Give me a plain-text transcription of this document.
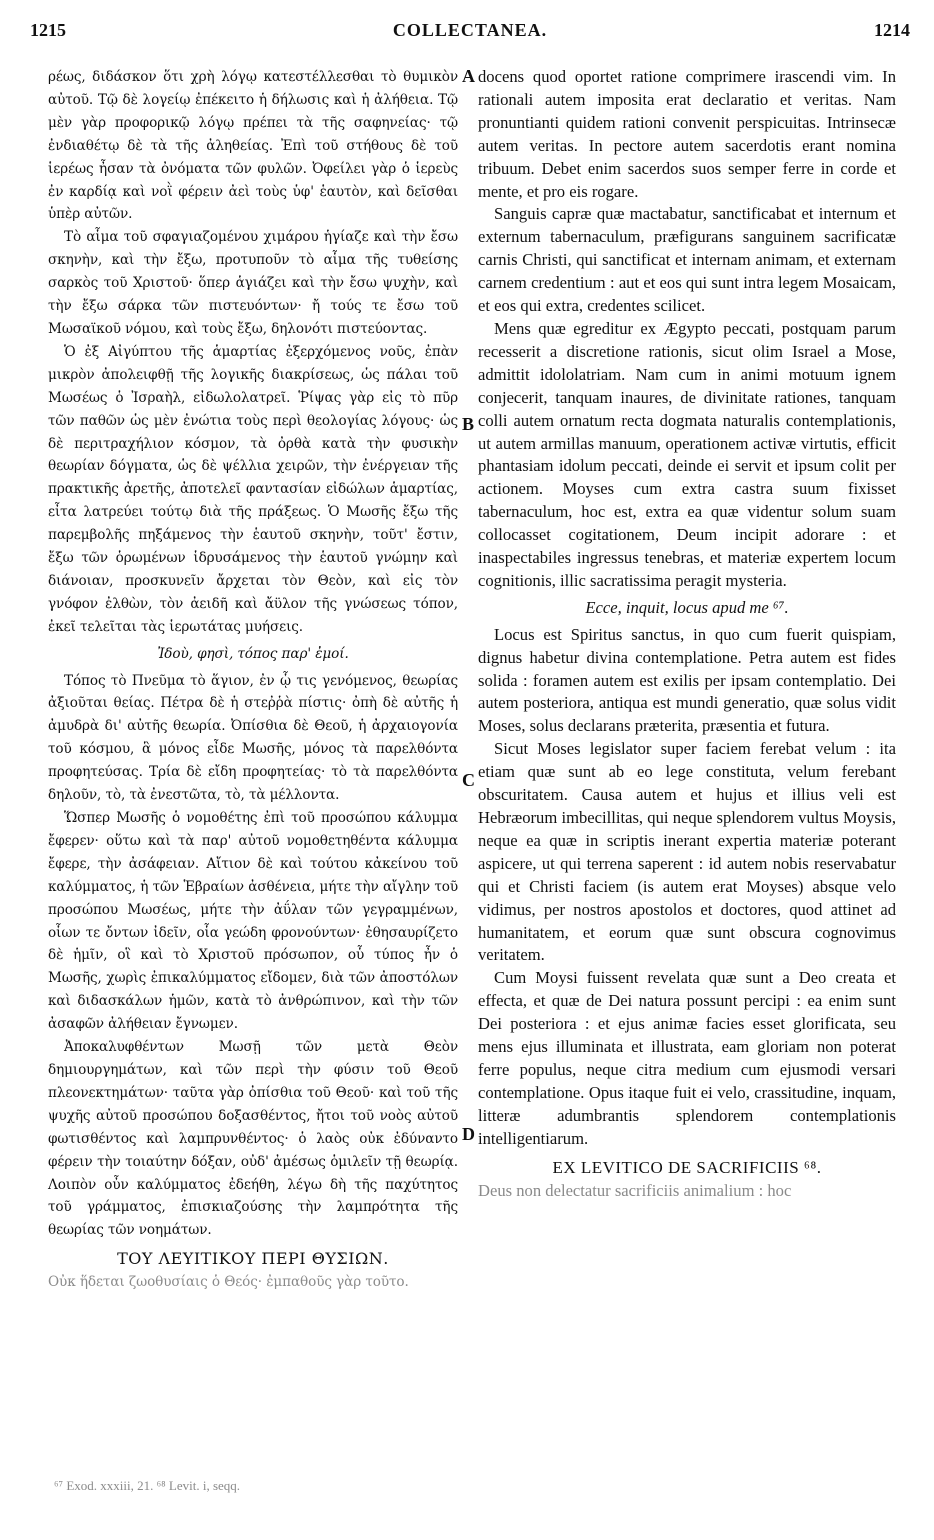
1215	COLLECTANEA.	1214
A
B
C
D

ρέως, διδάσκον ὅτι χρὴ λόγῳ κατεστέλλεσθαι τὸ θυμικὸν αὐτοῦ. Τῷ δὲ λογείῳ ἐπέκειτο ἡ δήλωσις καὶ ἡ ἀλήθεια. Τῷ μὲν γὰρ προφορικῷ λόγῳ πρέπει τὰ τῆς σαφηνείας· τῷ ἐνδιαθέτῳ δὲ τὰ τῆς ἀληθείας. Ἐπὶ τοῦ στήθους δὲ τοῦ ἱερέως ἦσαν τὰ ὀνόματα τῶν φυλῶν. Ὀφείλει γὰρ ὁ ἱερεὺς ἐν καρδίᾳ καὶ νοῒ φέρειν ἀεὶ τοὺς ὑφ' ἑαυτὸν, καὶ δεῖσθαι ὑπὲρ αὐτῶν.

Τὸ αἷμα τοῦ σφαγιαζομένου χιμάρου ἡγίαζε καὶ τὴν ἔσω σκηνὴν, καὶ τὴν ἔξω, προτυποῦν τὸ αἷμα τῆς τυθείσης σαρκὸς τοῦ Χριστοῦ· ὅπερ ἁγιάζει καὶ τὴν ἔσω ψυχὴν, καὶ τὴν ἔξω σάρκα τῶν πιστευόντων· ἤ τούς τε ἔσω τοῦ Μωσαϊκοῦ νόμου, καὶ τοὺς ἔξω, δηλονότι πιστεύοντας.

Ὁ ἐξ Αἰγύπτου τῆς ἁμαρτίας ἐξερχόμενος νοῦς, ἐπὰν μικρὸν ἀπολειφθῇ τῆς λογικῆς διακρίσεως, ὡς πάλαι τοῦ Μωσέως ὁ Ἰσραὴλ, εἰδωλολατρεῖ. Ῥίψας γὰρ εἰς τὸ πῦρ τῶν παθῶν ὡς μὲν ἐνώτια τοὺς περὶ θεολογίας λόγους· ὡς δὲ περιτραχήλιον κόσμον, τὰ ὀρθὰ κατὰ τὴν φυσικὴν θεωρίαν δόγματα, ὡς δὲ ψέλλια χειρῶν, τὴν ἐνέργειαν τῆς πρακτικῆς ἀρετῆς, ἀποτελεῖ φαντασίαν εἰδώλων ἁμαρτίας, εἶτα λατρεύει τούτῳ διὰ τῆς πράξεως. Ὁ Μωσῆς ἔξω τῆς παρεμβολῆς πηξάμενος τὴν ἑαυτοῦ σκηνὴν, τοῦτ' ἔστιν, ἔξω τῶν ὁρωμένων ἱδρυσάμενος τὴν ἑαυτοῦ γνώμην καὶ διάνοιαν, προσκυνεῖν ἄρχεται τὸν Θεὸν, καὶ εἰς τὸν γνόφον ἐλθὼν, τὸν ἀειδῆ καὶ ἄϋλον τῆς γνώσεως τόπον, ἐκεῖ τελεῖται τὰς ἱερωτάτας μυήσεις.

Ἰδοὺ, φησὶ, τόπος παρ' ἐμοί.

Τόπος τὸ Πνεῦμα τὸ ἅγιον, ἐν ᾧ τις γενόμενος, θεωρίας ἀξιοῦται θείας. Πέτρα δὲ ἡ στεῤῥὰ πίστις· ὀπὴ δὲ αὐτῆς ἡ ἀμυδρὰ δι' αὐτῆς θεωρία. Ὀπίσθια δὲ Θεοῦ, ἡ ἀρχαιογονία τοῦ κόσμου, ἃ μόνος εἶδε Μωσῆς, μόνος τὰ παρελθόντα προφητεύσας. Τρία δὲ εἴδη προφητείας· τὸ τὰ παρελθόντα δηλοῦν, τὸ, τὰ ἐνεστῶτα, τὸ, τὰ μέλλοντα.

Ὥσπερ Μωσῆς ὁ νομοθέτης ἐπὶ τοῦ προσώπου κάλυμμα ἔφερεν· οὕτω καὶ τὰ παρ' αὐτοῦ νομοθετηθέντα κάλυμμα ἔφερε, τὴν ἀσάφειαν. Αἴτιον δὲ καὶ τούτου κἀκείνου τοῦ καλύμματος, ἡ τῶν Ἑβραίων ἀσθένεια, μήτε τὴν αἴγλην τοῦ προσώπου Μωσέως, μήτε τὴν ἀΰλαν τῶν γεγραμμένων, οἷων τε ὄντων ἰδεῖν, οἷα γεώδη φρονούντων· ἐθησαυρίζετο δὲ ἡμῖν, οἳ καὶ τὸ Χριστοῦ πρόσωπον, οὗ τύπος ἦν ὁ Μωσῆς, χωρὶς ἐπικαλύμματος εἴδομεν, διὰ τῶν ἀποστόλων καὶ διδασκάλων ἡμῶν, κατὰ τὸ ἀνθρώπινον, καὶ τὴν τῶν ἀσαφῶν ἀλήθειαν ἔγνωμεν.

Ἀποκαλυφθέντων Μωσῇ τῶν μετὰ Θεὸν δημιουργημάτων, καὶ τῶν περὶ τὴν φύσιν τοῦ Θεοῦ πλεονεκτημάτων· ταῦτα γὰρ ὀπίσθια τοῦ Θεοῦ· καὶ τοῦ τῆς ψυχῆς αὐτοῦ προσώπου δοξασθέντος, ἤτοι τοῦ νοὸς αὐτοῦ φωτισθέντος καὶ λαμπρυνθέντος· ὁ λαὸς οὐκ ἐδύναντο φέρειν τὴν τοιαύτην δόξαν, οὐδ' ἀμέσως ὁμιλεῖν τῇ θεωρίᾳ. Λοιπὸν οὖν καλύμματος ἐδεήθη, λέγω δὴ τῆς παχύτητος τοῦ γράμματος, ἐπισκιαζούσης τὴν λαμπρότητα τῆς θεωρίας τῶν νοημάτων.

ΤΟΥ ΛΕΥΙΤΙΚΟΥ ΠΕΡΙ ΘΥΣΙΩΝ.

Οὐκ ἥδεται ζωοθυσίαις ὁ Θεός· ἐμπαθοῦς γὰρ τοῦτο.

docens quod oportet ratione comprimere irascendi vim. In rationali autem imposita erat declaratio et veritas. Nam pronuntianti quidem rationi convenit perspicuitas. Intrinsecæ autem veritas. In pectore autem sacerdotis erant nomina tribuum. Debet enim sacerdos suos semper ferre in corde et mente, et pro eis rogare.

Sanguis capræ quæ mactabatur, sanctificabat et internum et externum tabernaculum, præfigurans sanguinem sacrificatæ carnis Christi, qui sanctificat et internam animam, et externam carnem credentium : aut et eos qui sunt intra legem Mosaicam, et eos qui extra, credentes scilicet.

Mens quæ egreditur ex Ægypto peccati, postquam parum recesserit a discretione rationis, sicut olim Israel a Mose, admittit idololatriam. Nam cum in animi motuum ignem conjecerit, tanquam inaures, de divinitate rationes, tanquam colli autem ornatum recta dogmata naturalis contemplationis, ut autem armillas manuum, operationem activæ virtutis, efficit phantasiam idolum peccati, deinde ei servit et ipsum colit per actionem. Moyses cum extra castra suum fixisset tabernaculum, hoc est, extra ea quæ videntur solum suam collocasset cogitationem, Deum incipit adorare : et inaspectabiles ingressus tenebras, et materiæ expertem locum cognitionis, illic sacratissima peragit mysteria.

Ecce, inquit, locus apud me ⁶⁷.

Locus est Spiritus sanctus, in quo cum fuerit quispiam, dignus habetur divina contemplatione. Petra autem est fides solida : foramen autem est exilis per ipsam contemplatio. Dei autem posteriora, antiqua est mundi generatio, quæ solus vidit Moses, solus declarans præterita, præsentia et futura.

Sicut Moses legislator super faciem ferebat velum : ita etiam quæ sunt ab eo lege constituta, velum ferebant obscuritatem. Causa autem et hujus et illius veli est Hebræorum imbecillitas, qui neque splendorem vultus Moysis, neque ea quæ in scriptis inerant expertia materiæ poterant aspicere, ut qui terrena saperent : id autem nobis reservabatur qui et Christi faciem (is autem erat Moyses) absque velo vidimus, per nostros apostolos et doctores, quod attinet ad humanitatem, et eorum quæ sunt obscura cognovimus veritatem.

Cum Moysi fuissent revelata quæ sunt a Deo creata et effecta, et quæ de Dei natura possunt percipi : ea enim sunt Dei posteriora : et ejus animæ facies esset glorificata, seu mens ejus illuminata et illustrata, eam gloriam non poterat ferre populus, neque citra medium cum ejusmodi versari contemplatione. Opus itaque fuit ei velo, crassitudine, inquam, litteræ adumbrantis splendorem contemplationis intelligentiarum.

EX LEVITICO DE SACRIFICIIS ⁶⁸.

Deus non delectatur sacrificiis animalium : hoc

⁶⁷ Exod. xxxiii, 21. ⁶⁸ Levit. i, seqq.
